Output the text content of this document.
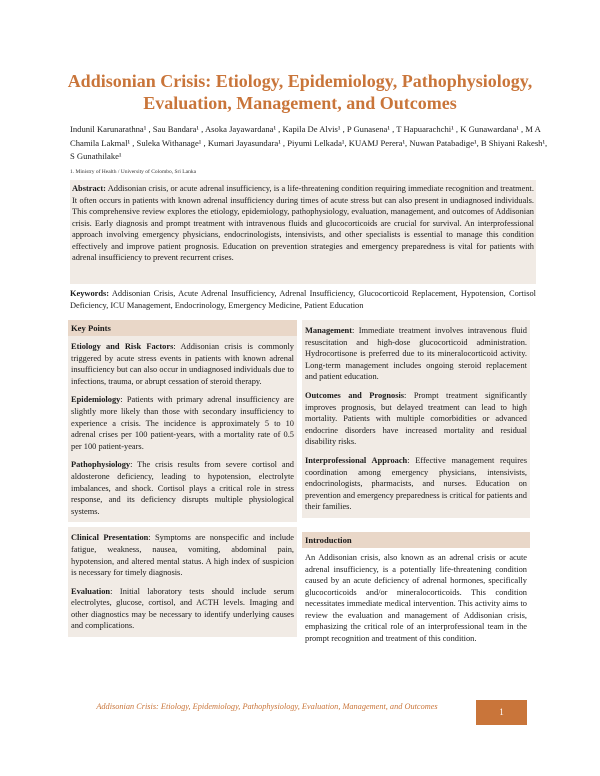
Addisonian Crisis: Etiology, Epidemiology, Pathophysiology, Evaluation, Management, and Outcomes

Indunil Karunarathna¹ , Sau Bandara¹ , Asoka Jayawardana¹ , Kapila De Alvis¹ , P Gunasena¹ , T Hapuarachchi¹ , K Gunawardana¹ , M A Chamila Lakmal¹ , Suleka Withanage¹ , Kumari Jayasundara¹ , Piyumi Lelkada¹, KUAMJ Perera¹, Nuwan Patabadige¹, B Shiyani Rakesh¹, S Gunathilake¹

1. Ministry of Health / University of Colombo, Sri Lanka

Abstract: Addisonian crisis, or acute adrenal insufficiency, is a life-threatening condition requiring immediate recognition and treatment. It often occurs in patients with known adrenal insufficiency during times of acute stress but can also present in undiagnosed individuals. This comprehensive review explores the etiology, epidemiology, pathophysiology, evaluation, management, and outcomes of Addisonian crisis. Early diagnosis and prompt treatment with intravenous fluids and glucocorticoids are crucial for survival. An interprofessional approach involving emergency physicians, endocrinologists, intensivists, and other specialists is essential to manage this condition effectively and improve patient prognosis. Education on prevention strategies and emergency preparedness is vital for patients with adrenal insufficiency to prevent recurrent crises.

Keywords: Addisonian Crisis, Acute Adrenal Insufficiency, Adrenal Insufficiency, Glucocorticoid Replacement, Hypotension, Cortisol Deficiency, ICU Management, Endocrinology, Emergency Medicine, Patient Education

Key Points

Etiology and Risk Factors: Addisonian crisis is commonly triggered by acute stress events in patients with known adrenal insufficiency but can also occur in undiagnosed individuals due to infections, trauma, or abrupt cessation of steroid therapy.

Epidemiology: Patients with primary adrenal insufficiency are slightly more likely than those with secondary insufficiency to experience a crisis. The incidence is approximately 5 to 10 adrenal crises per 100 patient-years, with a mortality rate of 0.5 per 100 patient-years.

Pathophysiology: The crisis results from severe cortisol and aldosterone deficiency, leading to hypotension, electrolyte imbalances, and shock. Cortisol plays a critical role in stress response, and its deficiency disrupts multiple physiological systems.

Clinical Presentation: Symptoms are nonspecific and include fatigue, weakness, nausea, vomiting, abdominal pain, hypotension, and altered mental status. A high index of suspicion is necessary for timely diagnosis.

Evaluation: Initial laboratory tests should include serum electrolytes, glucose, cortisol, and ACTH levels. Imaging and other diagnostics may be necessary to identify underlying causes and complications.

Management: Immediate treatment involves intravenous fluid resuscitation and high-dose glucocorticoid administration. Hydrocortisone is preferred due to its mineralocorticoid activity. Long-term management includes ongoing steroid replacement and patient education.

Outcomes and Prognosis: Prompt treatment significantly improves prognosis, but delayed treatment can lead to high mortality. Patients with multiple comorbidities or advanced endocrine disorders have increased mortality and residual disability risks.

Interprofessional Approach: Effective management requires coordination among emergency physicians, intensivists, endocrinologists, pharmacists, and nurses. Education on prevention and emergency preparedness is critical for patients and their families.

Introduction

An Addisonian crisis, also known as an adrenal crisis or acute adrenal insufficiency, is a potentially life-threatening condition caused by an acute deficiency of adrenal hormones, specifically glucocorticoids and/or mineralocorticoids. This condition necessitates immediate medical intervention. This activity aims to review the evaluation and management of Addisonian crisis, emphasizing the critical role of an interprofessional team in the prompt recognition and treatment of this condition.

Addisonian Crisis: Etiology, Epidemiology, Pathophysiology, Evaluation, Management, and Outcomes

1
